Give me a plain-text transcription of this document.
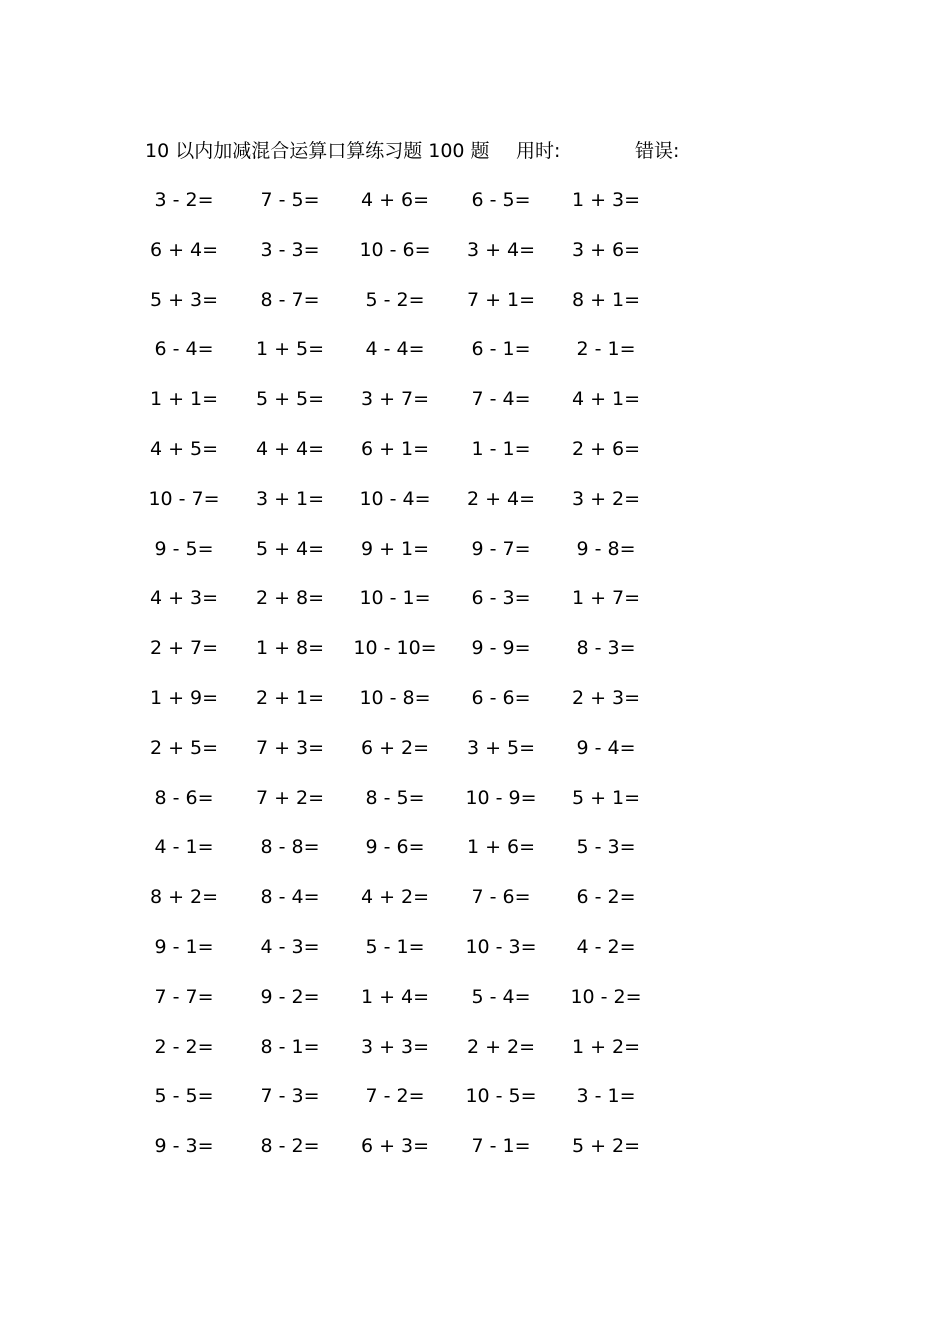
10 以内加减混合运算口算练习题 100 题 用时:	错误:
3 - 2=	7 - 5=	4 + 6=	6 - 5=	1 + 3=
6 + 4=	3 - 3=	10 - 6=	3 + 4=	3 + 6=
5 + 3=	8 - 7=	5 - 2=	7 + 1=	8 + 1=
6 - 4=	1 + 5=	4 - 4=	6 - 1=	2 - 1=
1 + 1=	5 + 5=	3 + 7=	7 - 4=	4 + 1=
4 + 5=	4 + 4=	6 + 1=	1 - 1=	2 + 6=
10 - 7=	3 + 1=	10 - 4=	2 + 4=	3 + 2=
9 - 5=	5 + 4=	9 + 1=	9 - 7=	9 - 8=
4 + 3=	2 + 8=	10 - 1=	6 - 3=	1 + 7=
2 + 7=	1 + 8=	10 - 10=	9 - 9=	8 - 3=
1 + 9=	2 + 1=	10 - 8=	6 - 6=	2 + 3=
2 + 5=	7 + 3=	6 + 2=	3 + 5=	9 - 4=
8 - 6=	7 + 2=	8 - 5=	10 - 9=	5 + 1=
4 - 1=	8 - 8=	9 - 6=	1 + 6=	5 - 3=
8 + 2=	8 - 4=	4 + 2=	7 - 6=	6 - 2=
9 - 1=	4 - 3=	5 - 1=	10 - 3=	4 - 2=
7 - 7=	9 - 2=	1 + 4=	5 - 4=	10 - 2=
2 - 2=	8 - 1=	3 + 3=	2 + 2=	1 + 2=
5 - 5=	7 - 3=	7 - 2=	10 - 5=	3 - 1=
9 - 3=	8 - 2=	6 + 3=	7 - 1=	5 + 2=
